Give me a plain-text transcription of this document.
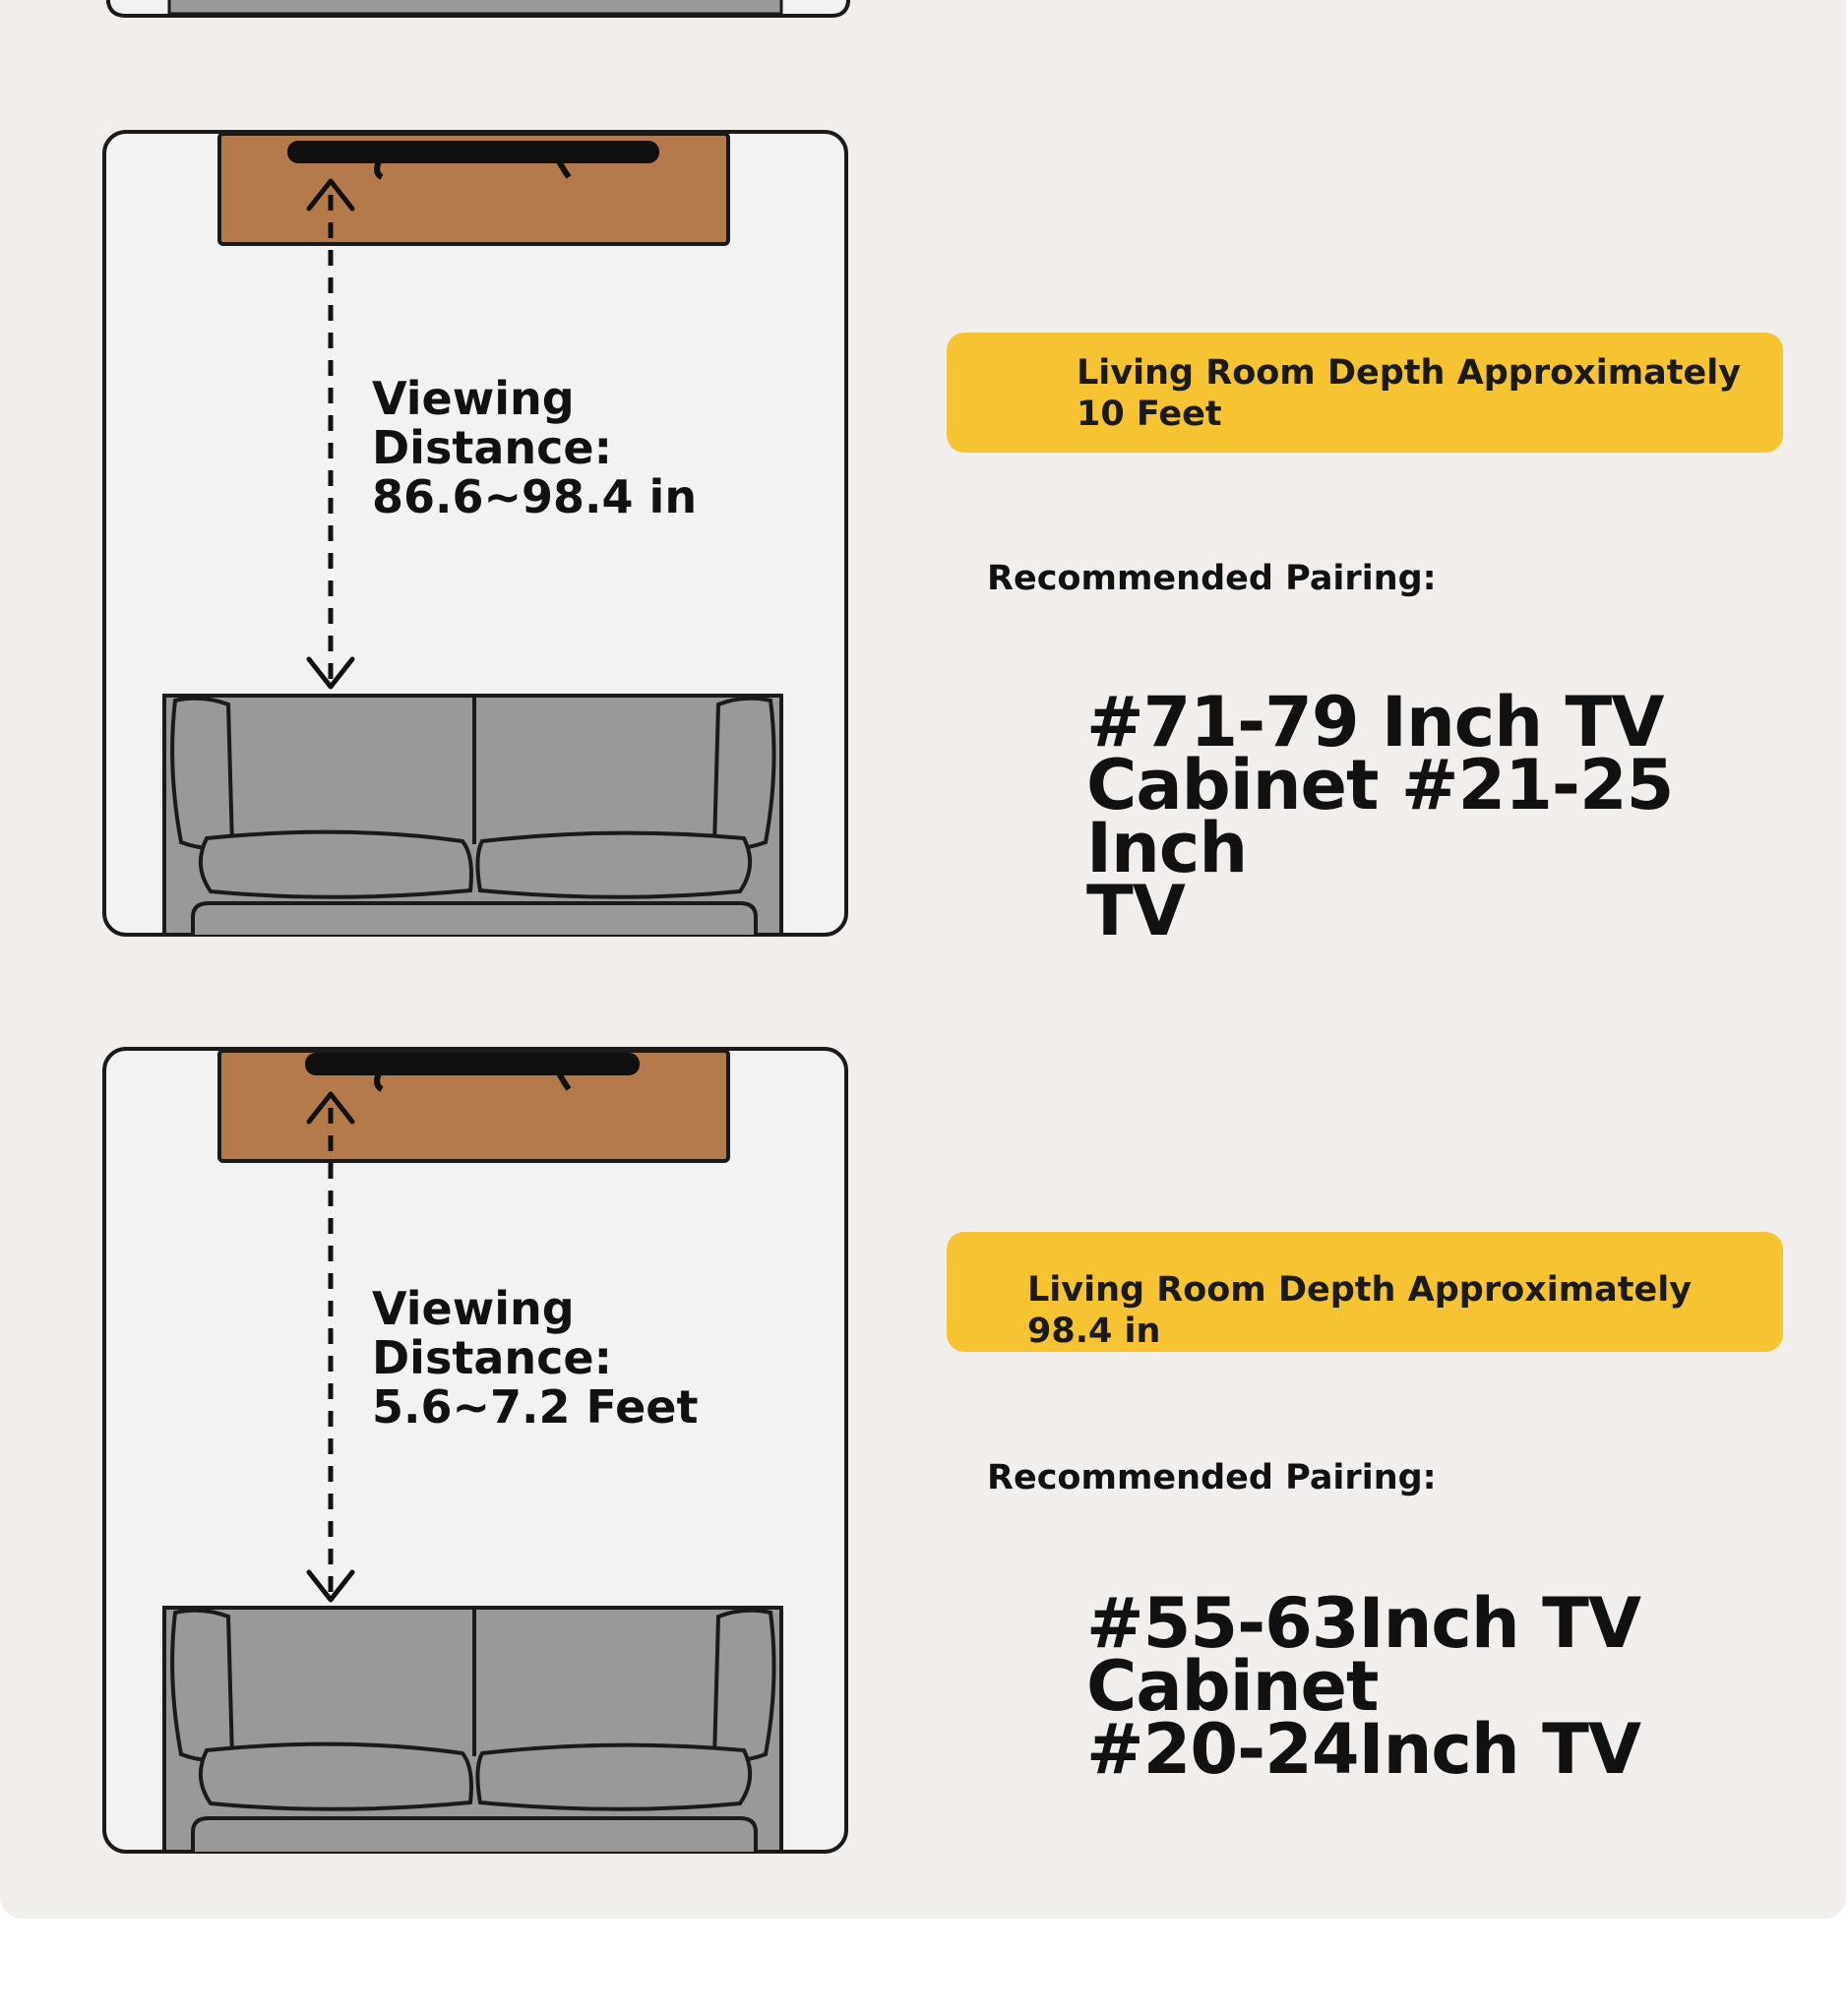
Viewing
Distance:
86.6~98.4 in
Living Room Depth Approximately
10 Feet
Recommended Pairing:
#71-79 Inch TV
Cabinet #21-25 Inch
TV
Viewing
Distance:
5.6~7.2 Feet
Living Room Depth Approximately 98.4 in
Recommended Pairing:
#55-63Inch TV
Cabinet
#20-24Inch TV
